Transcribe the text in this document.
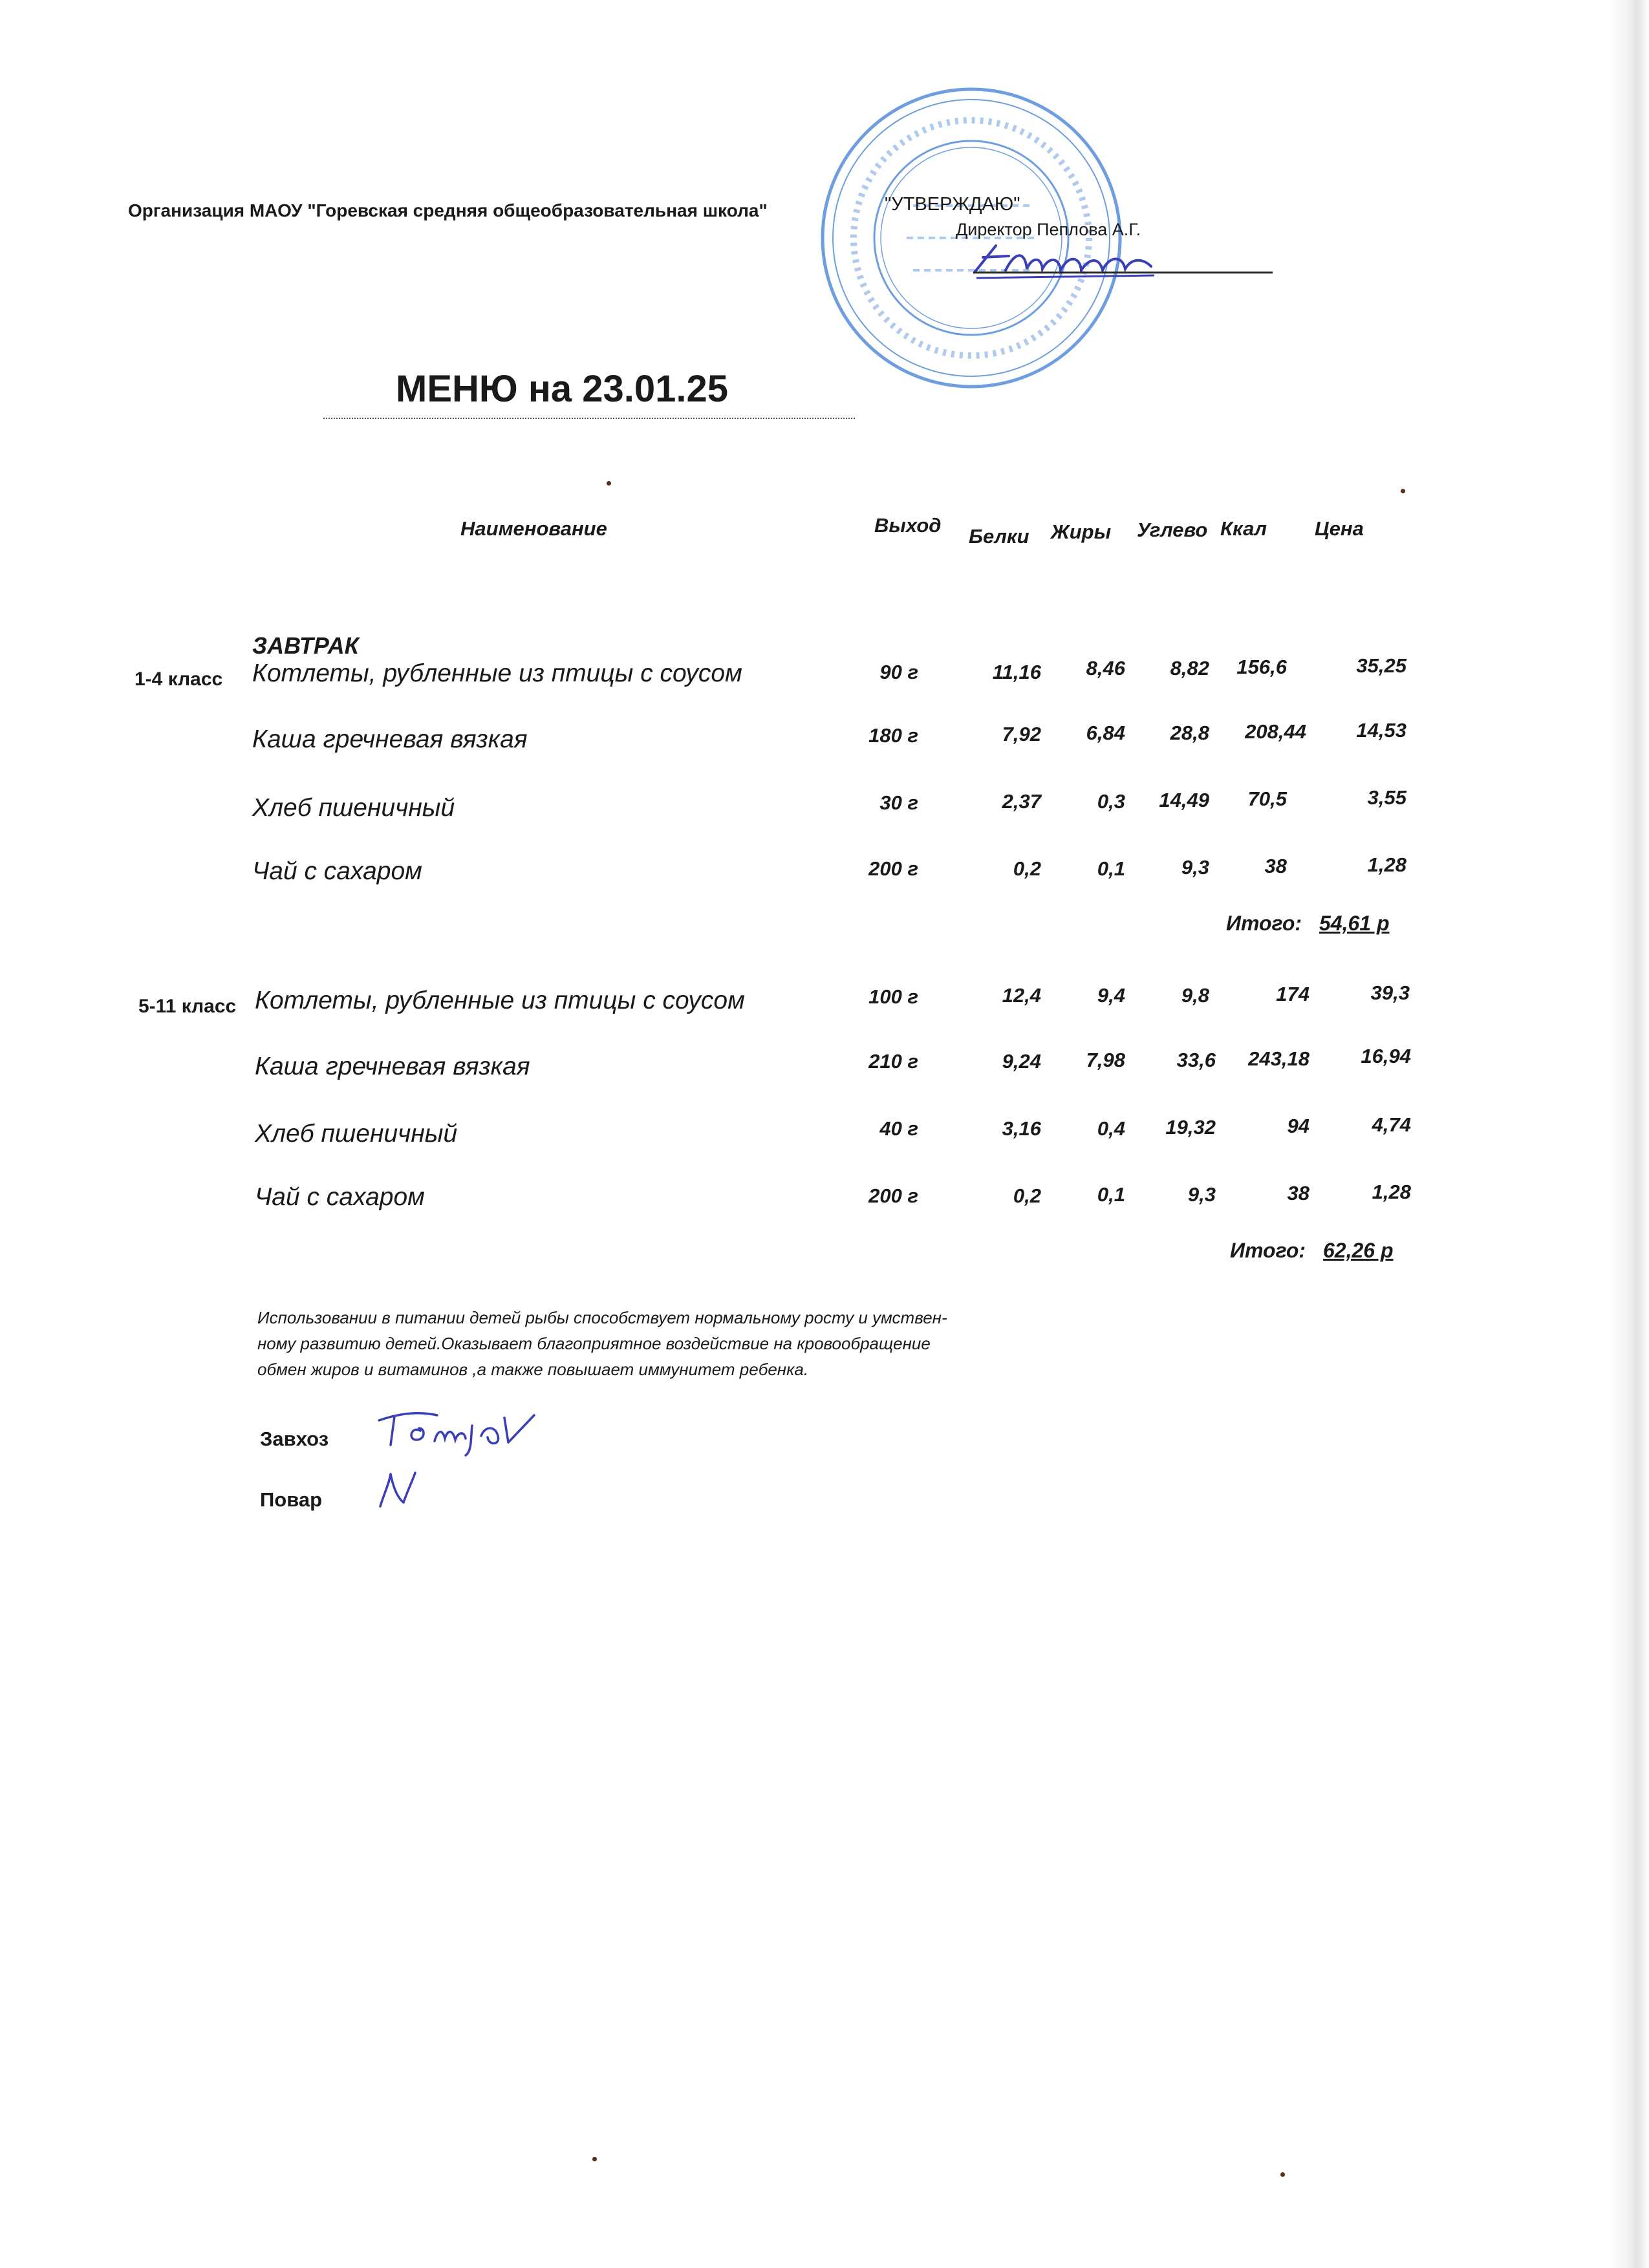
Организация МАОУ "Горевская средняя общеобразовательная школа"	"УТВЕРЖДАЮ"
Директор Пеплова А.Г.
МЕНЮ на 23.01.25
Наименование	Выход Белки Жиры Углево Ккал Цена
ЗАВТРАК
1-4 класс Котлеты, рубленные из птицы с соусом	90 г	11,16	8,46	8,82	156,6	35,25
Каша гречневая вязкая	180 г	7,92	6,84	28,8	208,44	14,53
Хлеб пшеничный	30 г	2,37	0,3	14,49	70,5	3,55
Чай с сахаром	200 г	0,2	0,1	9,3	38	1,28
Итого: 54,61 р
5-11 класс Котлеты, рубленные из птицы с соусом	100 г	12,4	9,4	9,8	174	39,3
Каша гречневая вязкая	210 г	9,24	7,98	33,6	243,18	16,94
Хлеб пшеничный	40 г	3,16	0,4	19,32	94	4,74
Чай с сахаром	200 г	0,2	0,1	9,3	38	1,28
Итого: 62,26 р
Использовании в питании детей рыбы способствует нормальному росту и умствен-
ному развитию детей.Оказывает благоприятное воздействие на кровообращение
обмен жиров и витаминов ,а также повышает иммунитет ребенка.
Завхоз
Повар
